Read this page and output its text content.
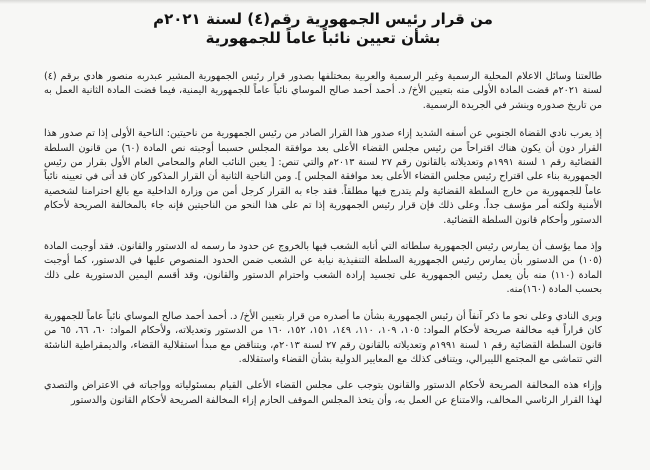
من قرار رئيس الجمهورية رقم(٤) لسنة ٢٠٢١م
بشأن تعيين نائباً عاماً للجمهورية

طالعتنا وسائل الاعلام المحلية الرسمية وغير الرسمية والعربية بمختلفها بصدور قرار رئيس الجمهورية المشير عبدربه منصور هادي برقم (٤) لسنة ٢٠٢١م قضت المادة الأولى منه بتعيين الأخ/ د. أحمد أحمد صالح الموساي نائباً عاماً للجمهورية اليمنية، فيما قضت المادة الثانية العمل به من تاريخ صدوره وينشر في الجريدة الرسمية.

إذ يعرب نادي القضاة الجنوبي عن أسفه الشديد إزاء صدور هذا القرار الصادر من رئيس الجمهورية من ناحيتين: الناحية الأولى إذا تم صدور هذا القرار دون أن يكون هناك اقتراحاً من رئيس مجلس القضاء الأعلى بعد موافقة المجلس حسبما أوجبته نص المادة (٦٠) من قانون السلطة القضائية رقم ١ لسنة ١٩٩١م وتعديلاته بالقانون رقم ٢٧ لسنة ٢٠١٣م والتي تنص: [ يعين النائب العام والمحامي العام الأول بقرار من رئيس الجمهورية بناء على اقتراح رئيس مجلس القضاء الأعلى بعد موافقة المجلس ]. ومن الناحية الثانية أن القرار المذكور كان قد أتى في تعيينه نائباً عاماً للجمهورية من خارج السلطة القضائية ولم يتدرج فيها مطلقاً. فقد جاء به القرار كرجل أمن من وزارة الداخلية مع بالغ احترامنا لشخصية الأمنية ولكنه أمر مؤسف جداً. وعلى ذلك فإن قرار رئيس الجمهورية إذا تم على هذا النحو من الناحيتين فإنه جاء بالمخالفة الصريحة لأحكام الدستور وأحكام قانون السلطة القضائية.

وإذ مما يؤسف أن يمارس رئيس الجمهورية سلطاته التي أنابه الشعب فيها بالخروج عن حدود ما رسمه له الدستور والقانون. فقد أوجبت المادة (١٠٥) من الدستور بأن يمارس رئيس الجمهورية السلطة التنفيذية نيابة عن الشعب ضمن الحدود المنصوص عليها في الدستور، كما أوجبت المادة (١١٠) منه بأن يعمل رئيس الجمهورية على تجسيد إرادة الشعب واحترام الدستور والقانون، وقد أقسم اليمين الدستورية على ذلك بحسب المادة (١٦٠)منه.

ويرى النادي وعلى نحو ما ذكر آنفاً أن رئيس الجمهورية بشأن ما أصدره من قرار بتعيين الأخ/ د. أحمد أحمد صالح الموساي نائباً عاماً للجمهورية كان قراراً فيه مخالفة صريحة لأحكام المواد: ١٠٥، ١٠٩، ١١٠، ١٤٩، ١٥١، ١٥٢، ١٦٠ من الدستور وتعديلاته، ولأحكام المواد: ٦٠، ٦٦، ٦٥ من قانون السلطة القضائية رقم ١ لسنة ١٩٩١م وتعديلاته بالقانون رقم ٢٧ لسنة ٢٠١٣م، ويتناقض مع مبدأ استقلالية القضاء، والديمقراطية الناشئة التي تتماشى مع المجتمع الليبرالي، ويتنافى كذلك مع المعايير الدولية بشأن القضاء واستقلاله.

وإزاء هذه المخالفة الصريحة لأحكام الدستور والقانون يتوجب على مجلس القضاء الأعلى القيام بمسئولياته وواجباته في الاعتراض والتصدي لهذا القرار الرئاسي المخالف، والامتناع عن العمل به، وأن يتخذ المجلس الموقف الحازم إزاء المخالفة الصريحة لأحكام القانون والدستور
